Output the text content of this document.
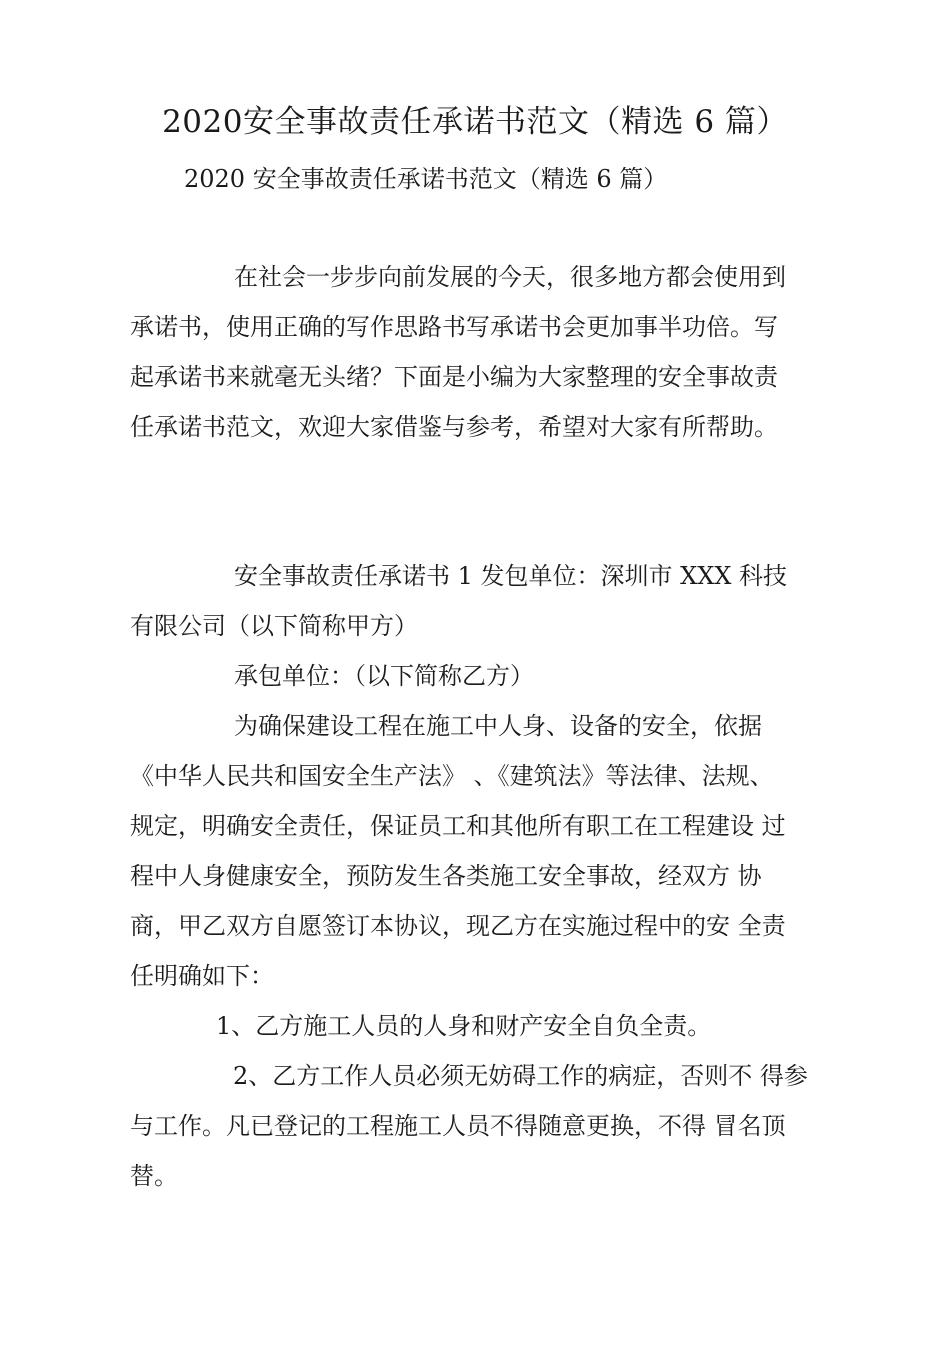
2020安全事故责任承诺书范文（精选 6 篇）

2020 安全事故责任承诺书范文（精选 6 篇）

在社会一步步向前发展的今天，很多地方都会使用到承诺书，使用正确的写作思路书写承诺书会更加事半功倍。写起承诺书来就毫无头绪？下面是小编为大家整理的安全事故责任承诺书范文，欢迎大家借鉴与参考，希望对大家有所帮助。

安全事故责任承诺书 1 发包单位：深圳市 XXX 科技有限公司（以下简称甲方）

承包单位：（以下简称乙方）

为确保建设工程在施工中人身、设备的安全，依据《中华人民共和国安全生产法》 、《建筑法》等法律、法规、 规定，明确安全责任，保证员工和其他所有职工在工程建设 过程中人身健康安全，预防发生各类施工安全事故，经双方 协商，甲乙双方自愿签订本协议，现乙方在实施过程中的安 全责任明确如下：

1、乙方施工人员的人身和财产安全自负全责。

2、乙方工作人员必须无妨碍工作的病症，否则不 得参与工作。凡已登记的工程施工人员不得随意更换，不得 冒名顶替。
